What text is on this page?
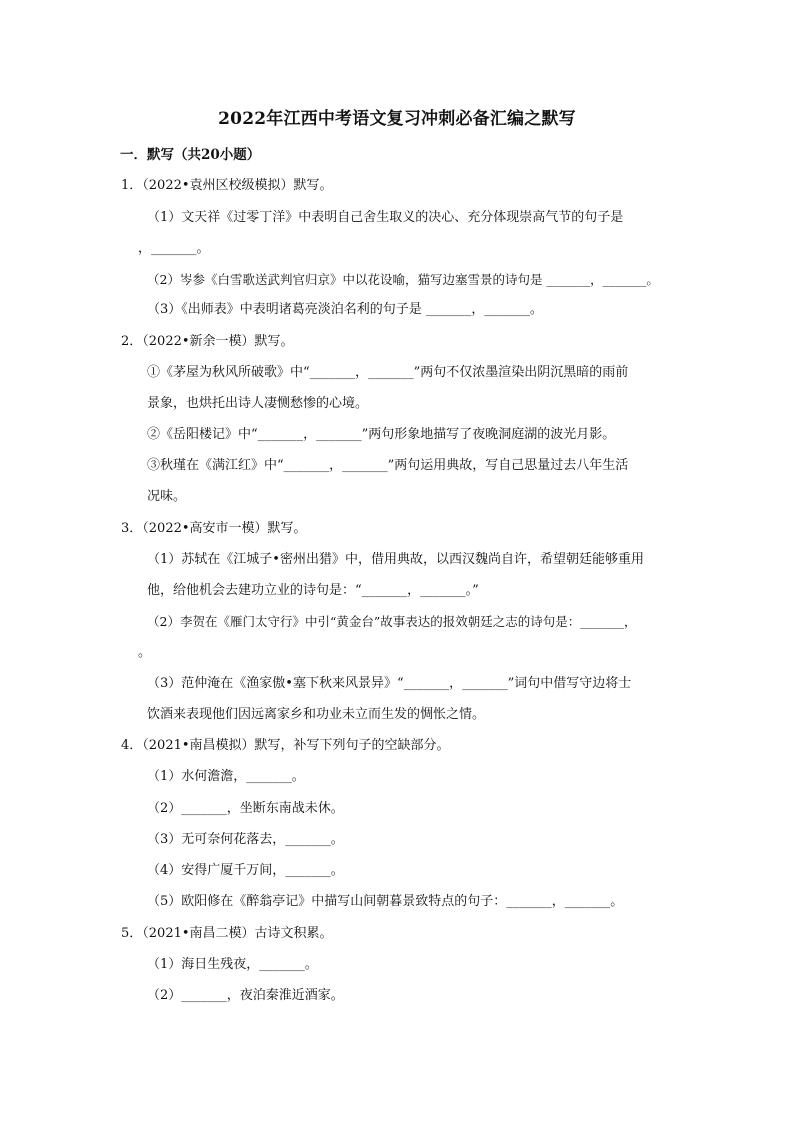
2022年江西中考语文复习冲刺必备汇编之默写
一．默写（共20小题）
1．（2022•袁州区校级模拟）默写。
（1）文天祥《过零丁洋》中表明自己舍生取义的决心、充分体现崇高气节的句子是
，_______。
（2）岑参《白雪歌送武判官归京》中以花设喻，猫写边塞雪景的诗句是 _______，_______。
（3）《出师表》中表明诸葛亮淡泊名利的句子是 _______，_______。
2．（2022•新余一模）默写。
①《茅屋为秋风所破歌》中“_______，_______”两句不仅浓墨渲染出阴沉黑暗的雨前
景象，也烘托出诗人凄恻愁惨的心境。
②《岳阳楼记》中“_______，_______”两句形象地描写了夜晚洞庭湖的波光月影。
③秋瑾在《满江红》中“_______，_______”两句运用典故，写自己思量过去八年生活
况味。
3．（2022•高安市一模）默写。
（1）苏轼在《江城子•密州出猎》中，借用典故，以西汉魏尚自许，希望朝廷能够重用
他，给他机会去建功立业的诗句是：“_______，_______。”
（2）李贺在《雁门太守行》中引“黄金台”故事表达的报效朝廷之志的诗句是：_______，
。
（3）范仲淹在《渔家傲•塞下秋来风景异》“_______，_______”词句中借写守边将士
饮酒来表现他们因远离家乡和功业未立而生发的惆怅之情。
4．（2021•南昌模拟）默写，补写下列句子的空缺部分。
（1）水何澹澹，_______。
（2）_______，坐断东南战未休。
（3）无可奈何花落去，_______。
（4）安得广厦千万间，_______。
（5）欧阳修在《醉翁亭记》中描写山间朝暮景致特点的句子：_______，_______。
5．（2021•南昌二模）古诗文积累。
（1）海日生残夜，_______。
（2）_______，夜泊秦淮近酒家。
